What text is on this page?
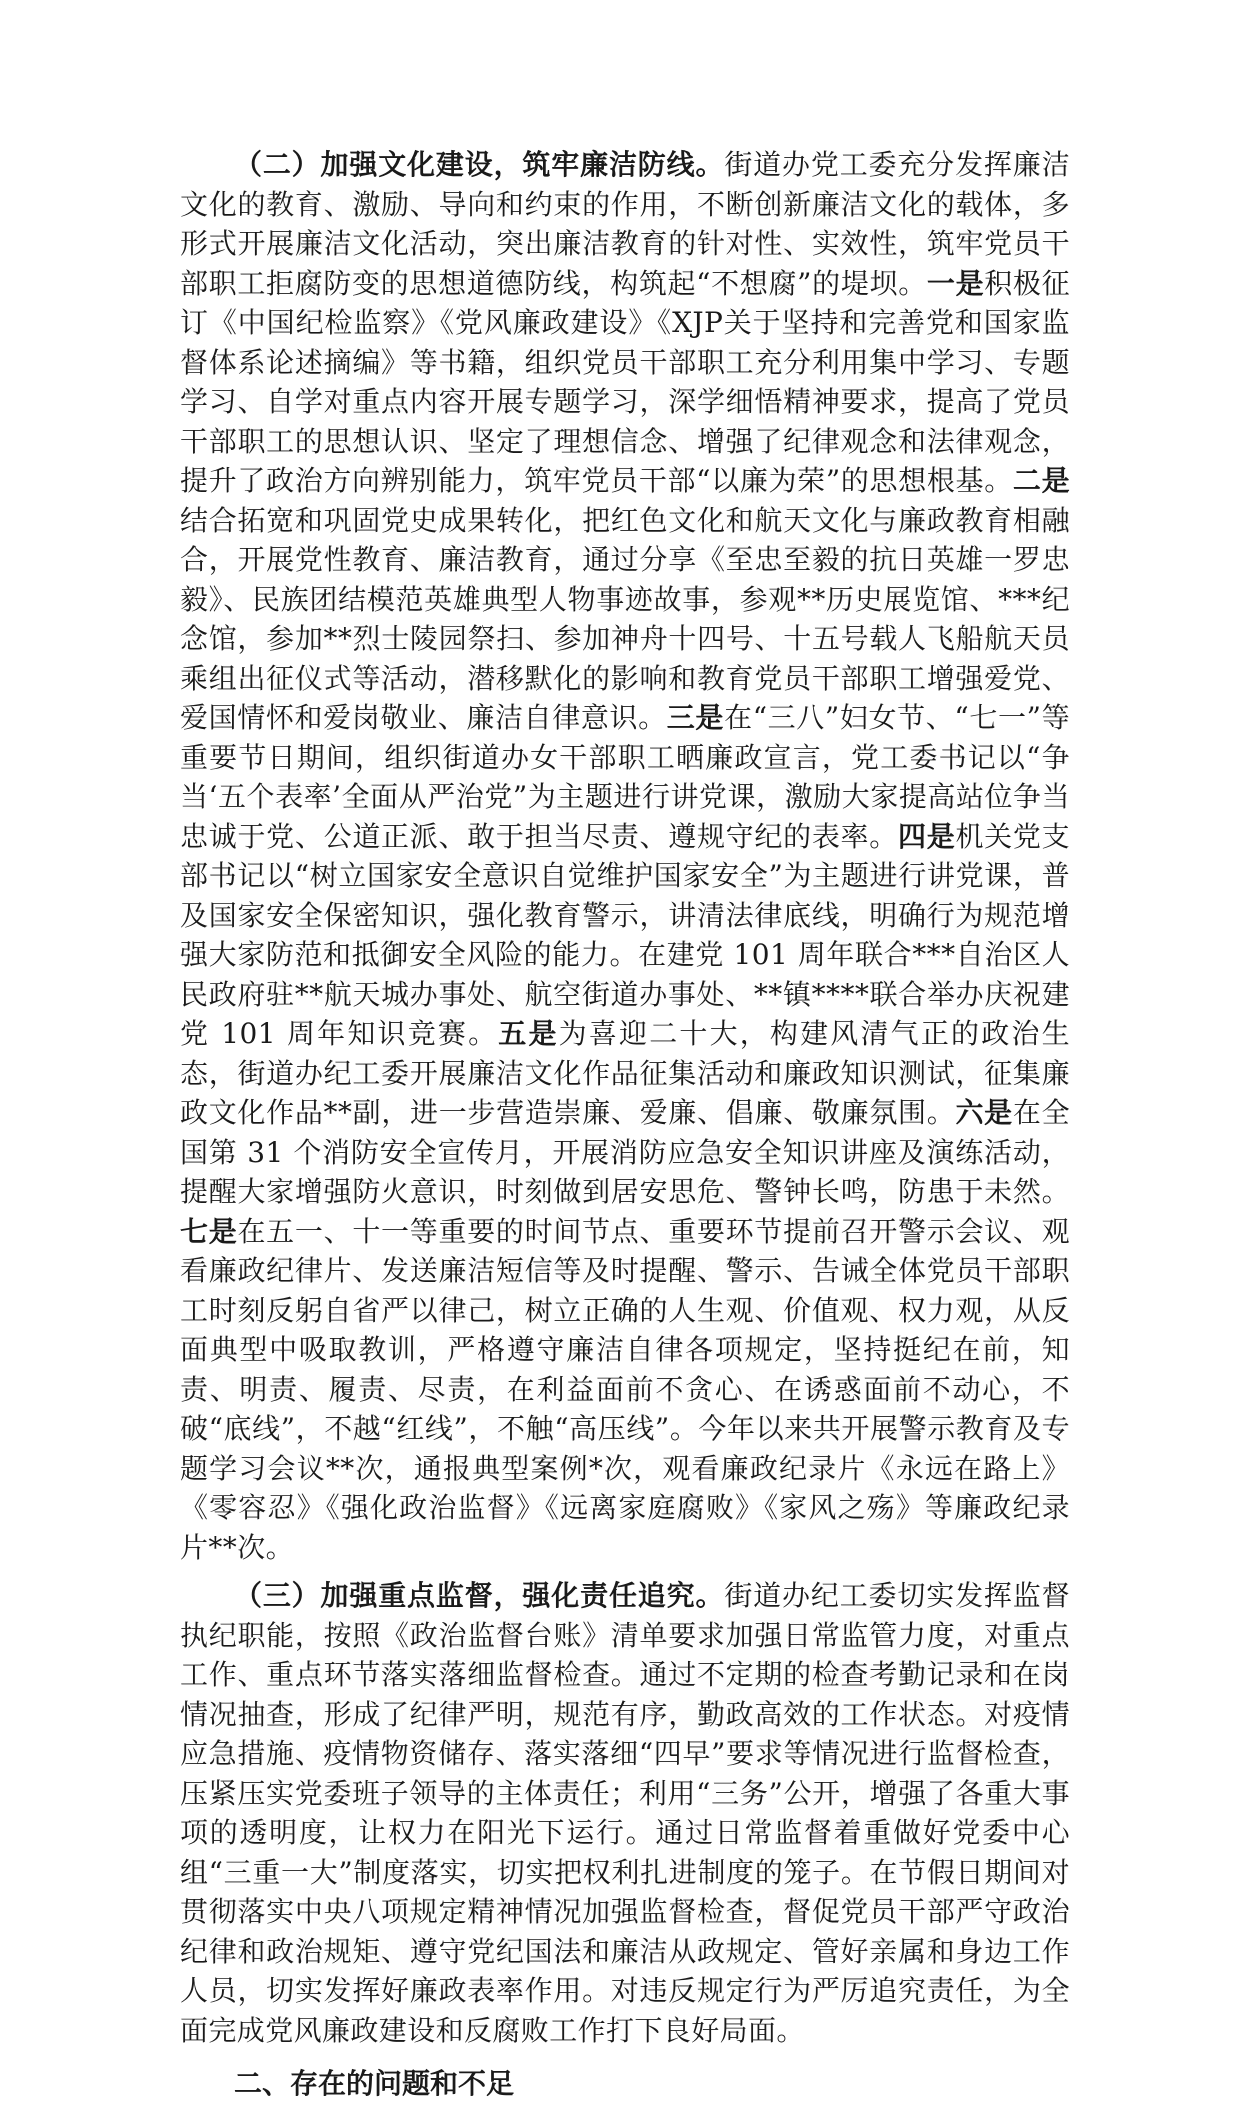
（二）加强文化建设，筑牢廉洁防线。街道办党工委充分发挥廉洁文化的教育、激励、导向和约束的作用，不断创新廉洁文化的载体，多形式开展廉洁文化活动，突出廉洁教育的针对性、实效性，筑牢党员干部职工拒腐防变的思想道德防线，构筑起“不想腐”的堤坝。一是积极征订《中国纪检监察》《党风廉政建设》《XJP关于坚持和完善党和国家监督体系论述摘编》等书籍，组织党员干部职工充分利用集中学习、专题学习、自学对重点内容开展专题学习，深学细悟精神要求，提高了党员干部职工的思想认识、坚定了理想信念、增强了纪律观念和法律观念，提升了政治方向辨别能力，筑牢党员干部“以廉为荣”的思想根基。二是结合拓宽和巩固党史成果转化，把红色文化和航天文化与廉政教育相融合，开展党性教育、廉洁教育，通过分享《至忠至毅的抗日英雄一罗忠毅》、民族团结模范英雄典型人物事迹故事，参观**历史展览馆、***纪念馆，参加**烈士陵园祭扫、参加神舟十四号、十五号载人飞船航天员乘组出征仪式等活动，潜移默化的影响和教育党员干部职工增强爱党、爱国情怀和爱岗敬业、廉洁自律意识。三是在“三八”妇女节、“七一”等重要节日期间，组织街道办女干部职工晒廉政宣言，党工委书记以“争当‘五个表率’全面从严治党”为主题进行讲党课，激励大家提高站位争当忠诚于党、公道正派、敢于担当尽责、遵规守纪的表率。四是机关党支部书记以“树立国家安全意识自觉维护国家安全”为主题进行讲党课，普及国家安全保密知识，强化教育警示，讲清法律底线，明确行为规范增强大家防范和抵御安全风险的能力。在建党 101 周年联合***自治区人民政府驻**航天城办事处、航空街道办事处、**镇****联合举办庆祝建党 101 周年知识竞赛。五是为喜迎二十大，构建风清气正的政治生态，街道办纪工委开展廉洁文化作品征集活动和廉政知识测试，征集廉政文化作品**副，进一步营造崇廉、爱廉、倡廉、敬廉氛围。六是在全国第 31 个消防安全宣传月，开展消防应急安全知识讲座及演练活动，提醒大家增强防火意识，时刻做到居安思危、警钟长鸣，防患于未然。七是在五一、十一等重要的时间节点、重要环节提前召开警示会议、观看廉政纪律片、发送廉洁短信等及时提醒、警示、告诫全体党员干部职工时刻反躬自省严以律己，树立正确的人生观、价值观、权力观，从反面典型中吸取教训，严格遵守廉洁自律各项规定，坚持挺纪在前，知责、明责、履责、尽责，在利益面前不贪心、在诱惑面前不动心，不破“底线”，不越“红线”，不触“高压线”。今年以来共开展警示教育及专题学习会议**次，通报典型案例*次，观看廉政纪录片《永远在路上》《零容忍》《强化政治监督》《远离家庭腐败》《家风之殇》等廉政纪录片**次。

（三）加强重点监督，强化责任追究。街道办纪工委切实发挥监督执纪职能，按照《政治监督台账》清单要求加强日常监管力度，对重点工作、重点环节落实落细监督检查。通过不定期的检查考勤记录和在岗情况抽查，形成了纪律严明，规范有序，勤政高效的工作状态。对疫情应急措施、疫情物资储存、落实落细“四早”要求等情况进行监督检查，压紧压实党委班子领导的主体责任；利用“三务”公开，增强了各重大事项的透明度，让权力在阳光下运行。通过日常监督着重做好党委中心组“三重一大”制度落实，切实把权利扎进制度的笼子。在节假日期间对贯彻落实中央八项规定精神情况加强监督检查，督促党员干部严守政治纪律和政治规矩、遵守党纪国法和廉洁从政规定、管好亲属和身边工作人员，切实发挥好廉政表率作用。对违反规定行为严厉追究责任，为全面完成党风廉政建设和反腐败工作打下良好局面。

二、存在的问题和不足
